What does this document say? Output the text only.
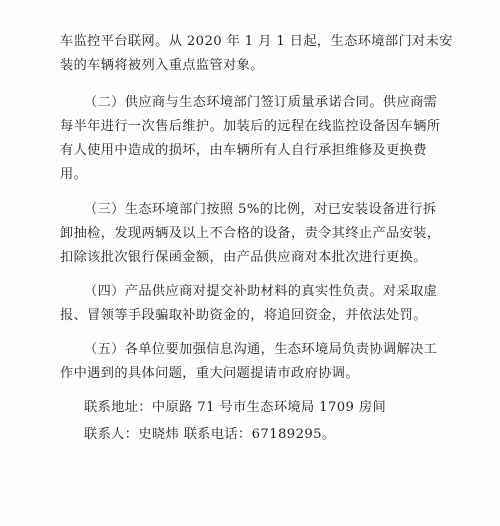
车监控平台联网。从 2020 年 1 月 1 日起，生态环境部门对未安
装的车辆将被列入重点监管对象。
（二）供应商与生态环境部门签订质量承诺合同。供应商需
每半年进行一次售后维护。加装后的远程在线监控设备因车辆所
有人使用中造成的损坏，由车辆所有人自行承担维修及更换费
用。
（三）生态环境部门按照 5%的比例，对已安装设备进行拆
卸抽检，发现两辆及以上不合格的设备，责令其终止产品安装，
扣除该批次银行保函金额，由产品供应商对本批次进行更换。
（四）产品供应商对提交补助材料的真实性负责。对采取虚
报、冒领等手段骗取补助资金的，将追回资金，并依法处罚。
（五）各单位要加强信息沟通，生态环境局负责协调解决工
作中遇到的具体问题，重大问题提请市政府协调。
联系地址：中原路 71 号市生态环境局 1709 房间
联系人：史晓炜 联系电话：67189295。
